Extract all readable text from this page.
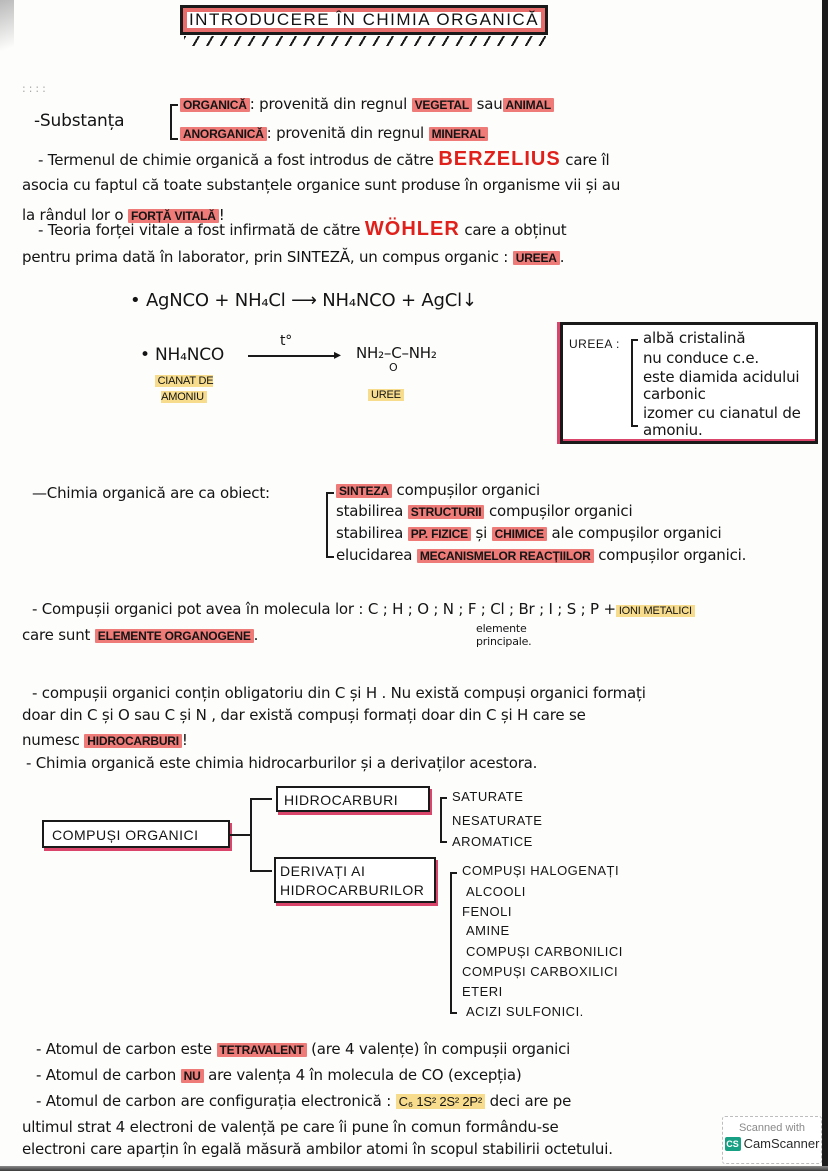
INTRODUCERE ÎN CHIMIA ORGANICĂ
::::
-Substanța
ORGANICĂ : provenită din regnul VEGETAL sau ANIMAL
ANORGANICĂ : provenită din regnul MINERAL
- Termenul de chimie organică a fost introdus de către BERZELIUS care îl
asocia cu faptul că toate substanțele organice sunt produse în organisme vii și au
la rândul lor o FORȚĂ VITALĂ !
- Teoria forței vitale a fost infirmată de către WÖHLER care a obținut
pentru prima dată în laborator, prin SINTEZĂ, un compus organic : UREEA .
• AgNCO + NH₄Cl ⟶ NH₄NCO + AgCl↓
• NH₄NCO
t°
▸ NH₂–C–NH₂
O
CIANAT DE AMONIU	UREE
UREEA : albă cristalină
nu conduce c.e.
este diamida acidului carbonic
izomer cu cianatul de amoniu.
—Chimia organică are ca obiect:	SINTEZA compușilor organici
stabilirea STRUCTURII compușilor organici
stabilirea PP. FIZICE și CHIMICE ale compușilor organici
elucidarea MECANISMELOR REACȚIILOR compușilor organici.
- Compușii organici pot avea în molecula lor : C ; H ; O ; N ; F ; Cl ; Br ; I ; S ; P + IONI METALICI
care sunt ELEMENTE ORGANOGENE .	elemente principale.
- compușii organici conțin obligatoriu din C și H . Nu există compuși organici formați
doar din C și O sau C și N , dar există compuși formați doar din C și H care se
numesc HIDROCARBURI !
- Chimia organică este chimia hidrocarburilor și a derivaților acestora.
COMPUȘI ORGANICI
HIDROCARBURI	SATURATE
NESATURATE
AROMATICE
DERIVAȚI AI HIDROCARBURILOR
COMPUȘI HALOGENAȚI
ALCOOLI
FENOLI
AMINE
COMPUȘI CARBONILICI
COMPUȘI CARBOXILICI
ETERI
ACIZI SULFONICI.
- Atomul de carbon este TETRAVALENT (are 4 valențe) în compușii organici
- Atomul de carbon NU are valența 4 în molecula de CO (excepția)
- Atomul de carbon are configurația electronică : C₆ 1S² 2S² 2P² deci are pe
ultimul strat 4 electroni de valență pe care îi pune în comun formându-se
electroni care aparțin în egală măsură ambilor atomi în scopul stabilirii octetului.
Scanned with
CS CamScanner
